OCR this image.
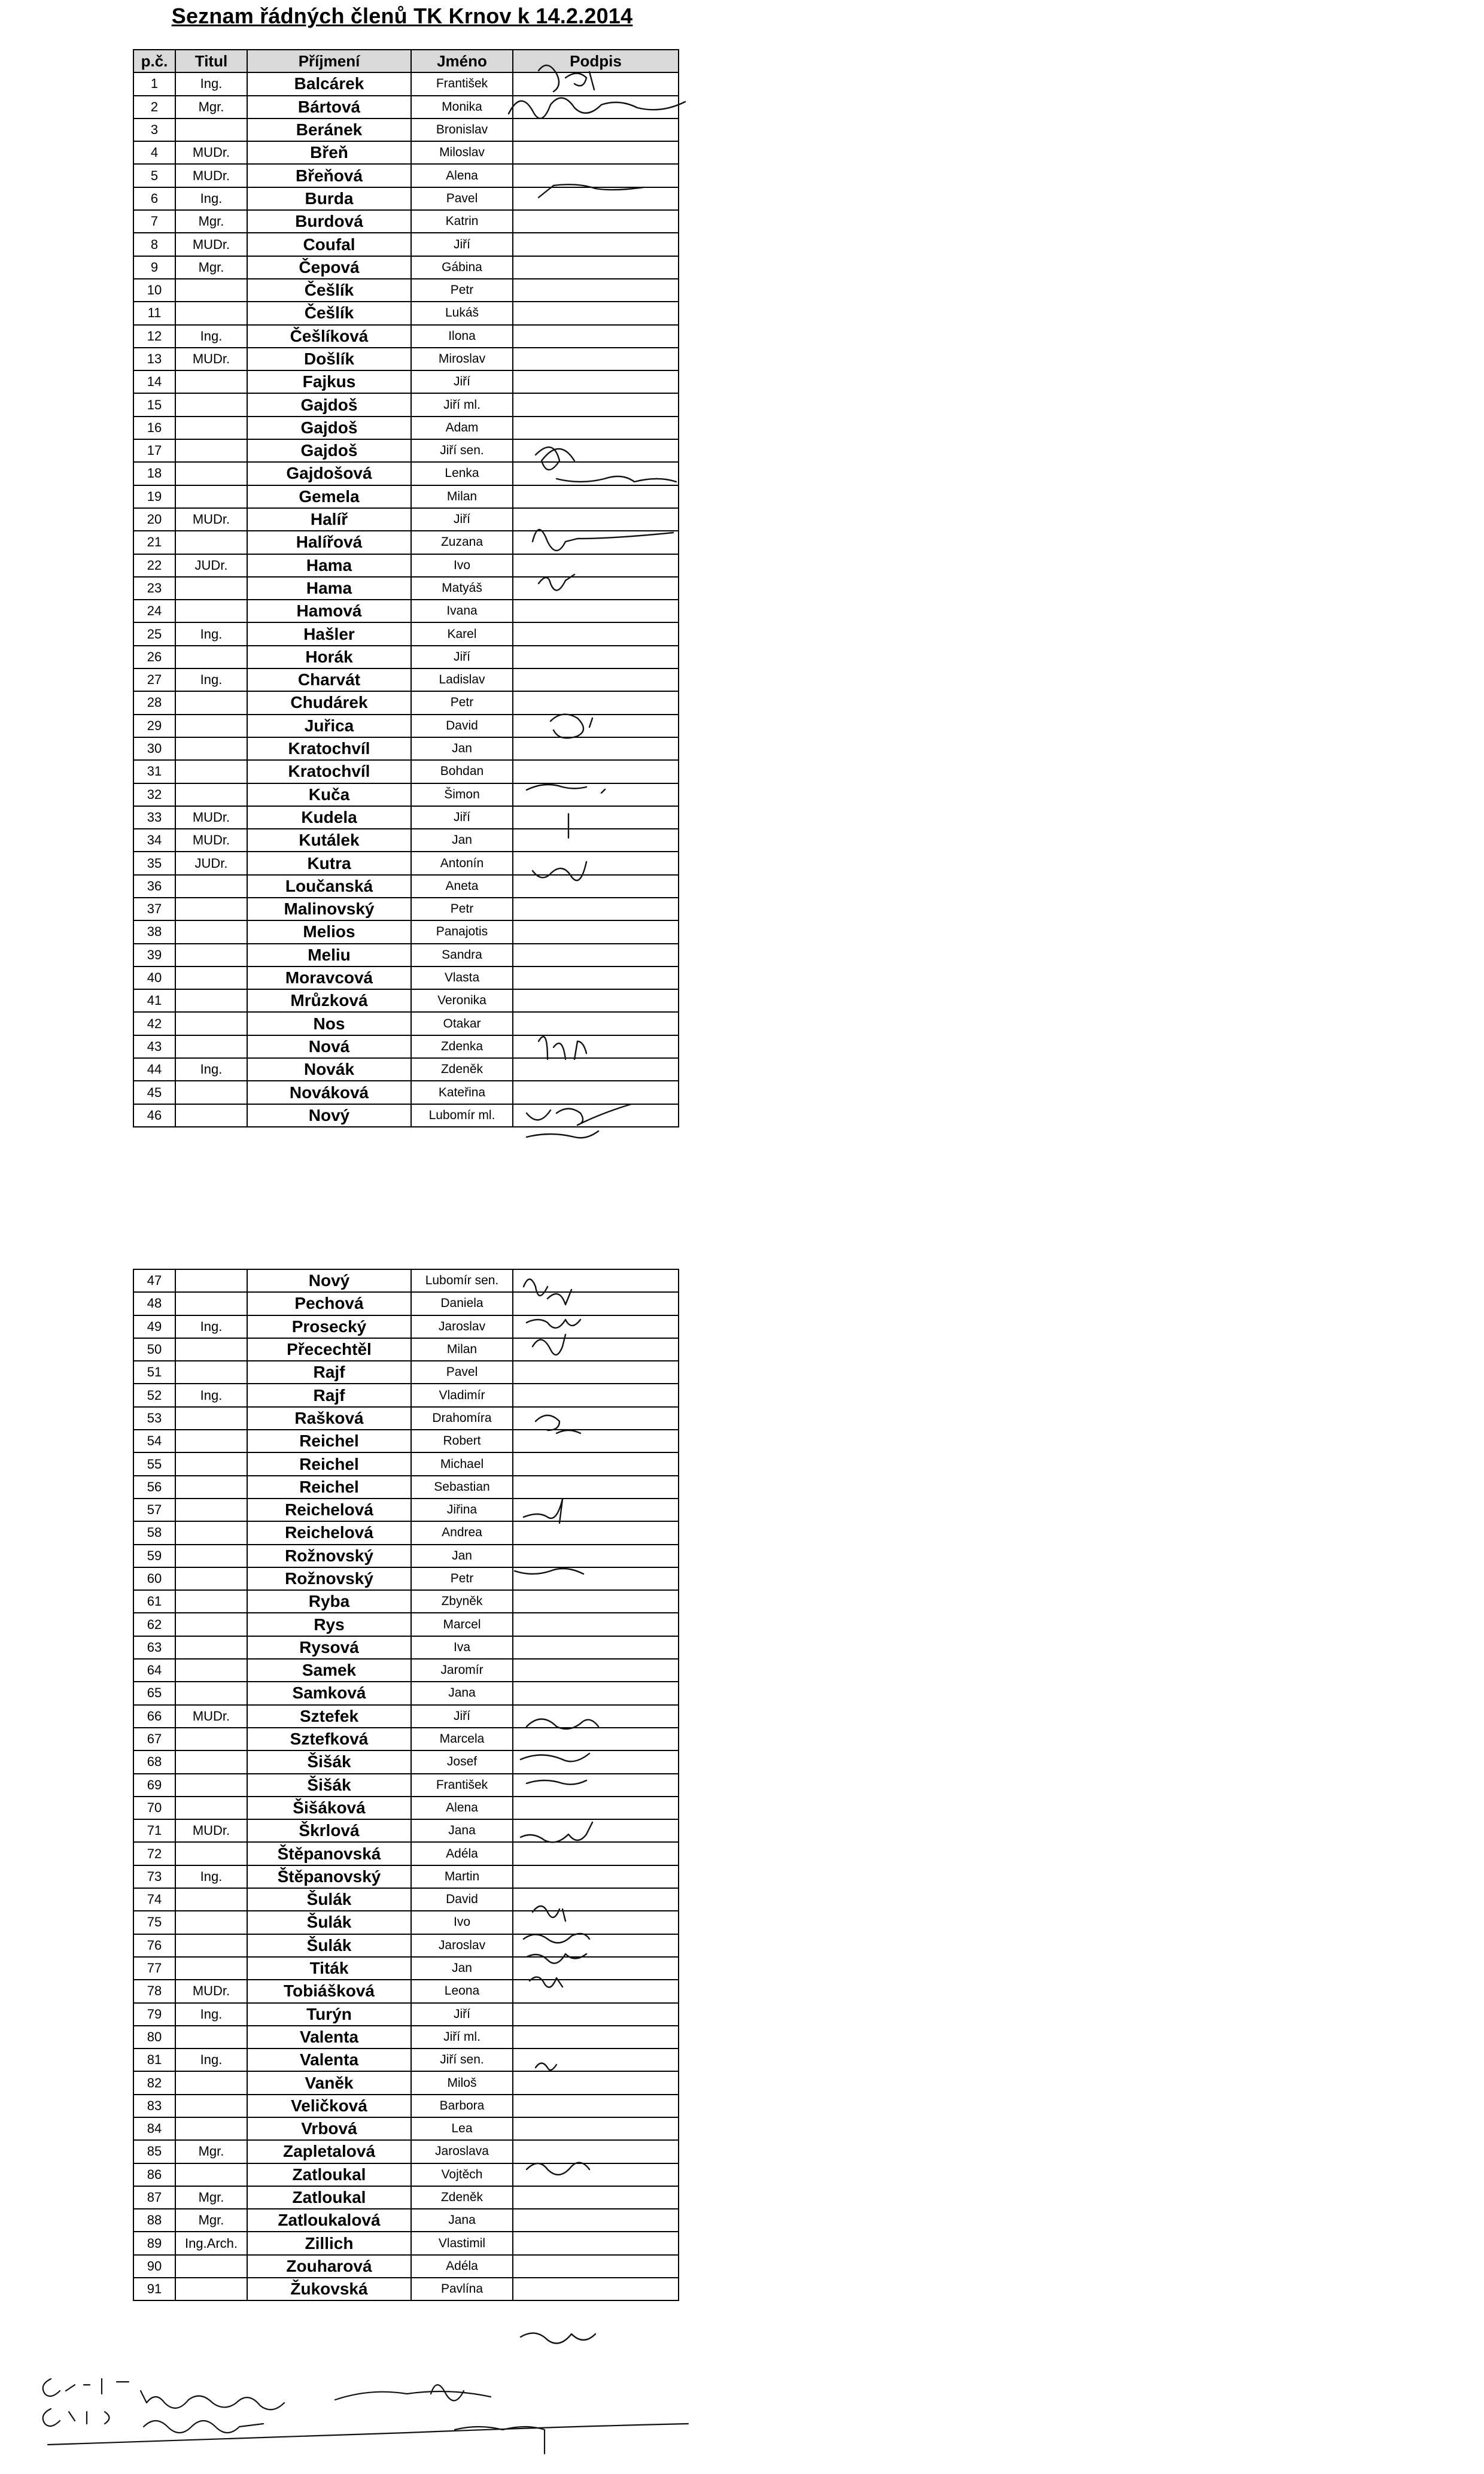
Seznam řádných členů TK Krnov k 14.2.2014
p.č.	Titul	Příjmení	Jméno	Podpis
1	Ing.	Balcárek	František	
2	Mgr.	Bártová	Monika	
3		Beránek	Bronislav	
4	MUDr.	Břeň	Miloslav	
5	MUDr.	Břeňová	Alena	
6	Ing.	Burda	Pavel	
7	Mgr.	Burdová	Katrin	
8	MUDr.	Coufal	Jiří	
9	Mgr.	Čepová	Gábina	
10		Češlík	Petr	
11		Češlík	Lukáš	
12	Ing.	Češlíková	Ilona	
13	MUDr.	Došlík	Miroslav	
14		Fajkus	Jiří	
15		Gajdoš	Jiří ml.	
16		Gajdoš	Adam	
17		Gajdoš	Jiří sen.	
18		Gajdošová	Lenka	
19		Gemela	Milan	
20	MUDr.	Halíř	Jiří	
21		Halířová	Zuzana	
22	JUDr.	Hama	Ivo	
23		Hama	Matyáš	
24		Hamová	Ivana	
25	Ing.	Hašler	Karel	
26		Horák	Jiří	
27	Ing.	Charvát	Ladislav	
28		Chudárek	Petr	
29		Juřica	David	
30		Kratochvíl	Jan	
31		Kratochvíl	Bohdan	
32		Kuča	Šimon	
33	MUDr.	Kudela	Jiří	
34	MUDr.	Kutálek	Jan	
35	JUDr.	Kutra	Antonín	
36		Loučanská	Aneta	
37		Malinovský	Petr	
38		Melios	Panajotis	
39		Meliu	Sandra	
40		Moravcová	Vlasta	
41		Mrůzková	Veronika	
42		Nos	Otakar	
43		Nová	Zdenka	
44	Ing.	Novák	Zdeněk	
45		Nováková	Kateřina	
46		Nový	Lubomír ml.	
47		Nový	Lubomír sen.	
48		Pechová	Daniela	
49	Ing.	Prosecký	Jaroslav	
50		Přecechtěl	Milan	
51		Rajf	Pavel	
52	Ing.	Rajf	Vladimír	
53		Rašková	Drahomíra	
54		Reichel	Robert	
55		Reichel	Michael	
56		Reichel	Sebastian	
57		Reichelová	Jiřina	
58		Reichelová	Andrea	
59		Rožnovský	Jan	
60		Rožnovský	Petr	
61		Ryba	Zbyněk	
62		Rys	Marcel	
63		Rysová	Iva	
64		Samek	Jaromír	
65		Samková	Jana	
66	MUDr.	Sztefek	Jiří	
67		Sztefková	Marcela	
68		Šišák	Josef	
69		Šišák	František	
70		Šišáková	Alena	
71	MUDr.	Škrlová	Jana	
72		Štěpanovská	Adéla	
73	Ing.	Štěpanovský	Martin	
74		Šulák	David	
75		Šulák	Ivo	
76		Šulák	Jaroslav	
77		Titák	Jan	
78	MUDr.	Tobiášková	Leona	
79	Ing.	Turýn	Jiří	
80		Valenta	Jiří ml.	
81	Ing.	Valenta	Jiří sen.	
82		Vaněk	Miloš	
83		Veličková	Barbora	
84		Vrbová	Lea	
85	Mgr.	Zapletalová	Jaroslava	
86		Zatloukal	Vojtěch	
87	Mgr.	Zatloukal	Zdeněk	
88	Mgr.	Zatloukalová	Jana	
89	Ing.Arch.	Zillich	Vlastimil	
90		Zouharová	Adéla	
91		Žukovská	Pavlína	
